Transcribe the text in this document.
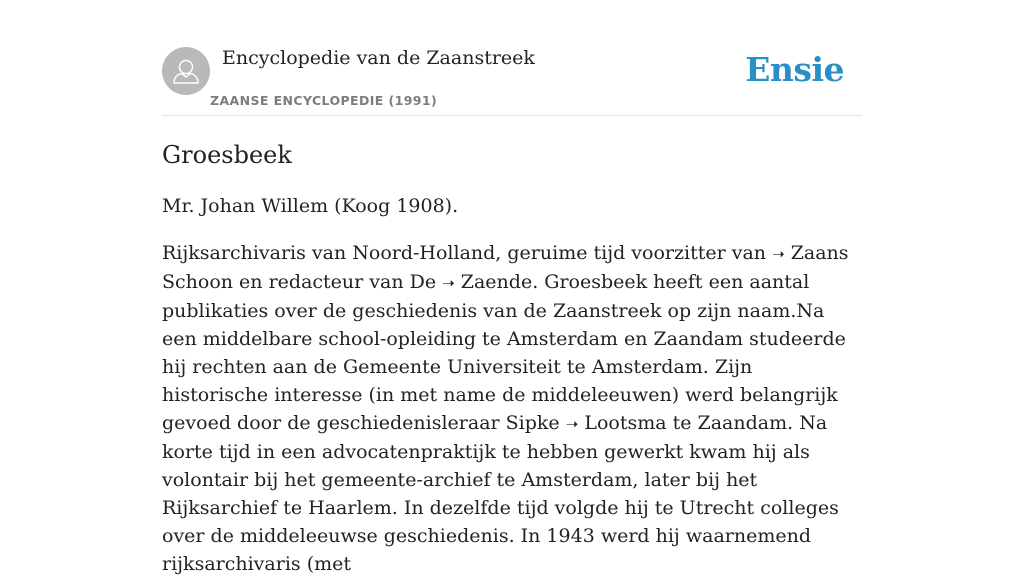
Encyclopedie van de Zaanstreek
ZAANSE ENCYCLOPEDIE (1991)
Ensie
Groesbeek

Mr. Johan Willem (Koog 1908).

Rijksarchivaris van Noord-Holland, geruime tijd voorzitter van ➝ Zaans Schoon en redacteur van De ➝ Zaende. Groesbeek heeft een aantal publikaties over de geschiedenis van de Zaanstreek op zijn naam.Na een middelbare school-opleiding te Amsterdam en Zaandam studeerde hij rechten aan de Gemeente Universiteit te Amsterdam. Zijn historische interesse (in met name de middeleeuwen) werd belangrijk gevoed door de geschiedenisleraar Sipke ➝ Lootsma te Zaandam. Na korte tijd in een advocatenpraktijk te hebben gewerkt kwam hij als volontair bij het gemeente-archief te Amsterdam, later bij het Rijksarchief te Haarlem. In dezelfde tijd volgde hij te Utrecht colleges over de middeleeuwse geschiedenis. In 1943 werd hij waarnemend rijksarchivaris (met
